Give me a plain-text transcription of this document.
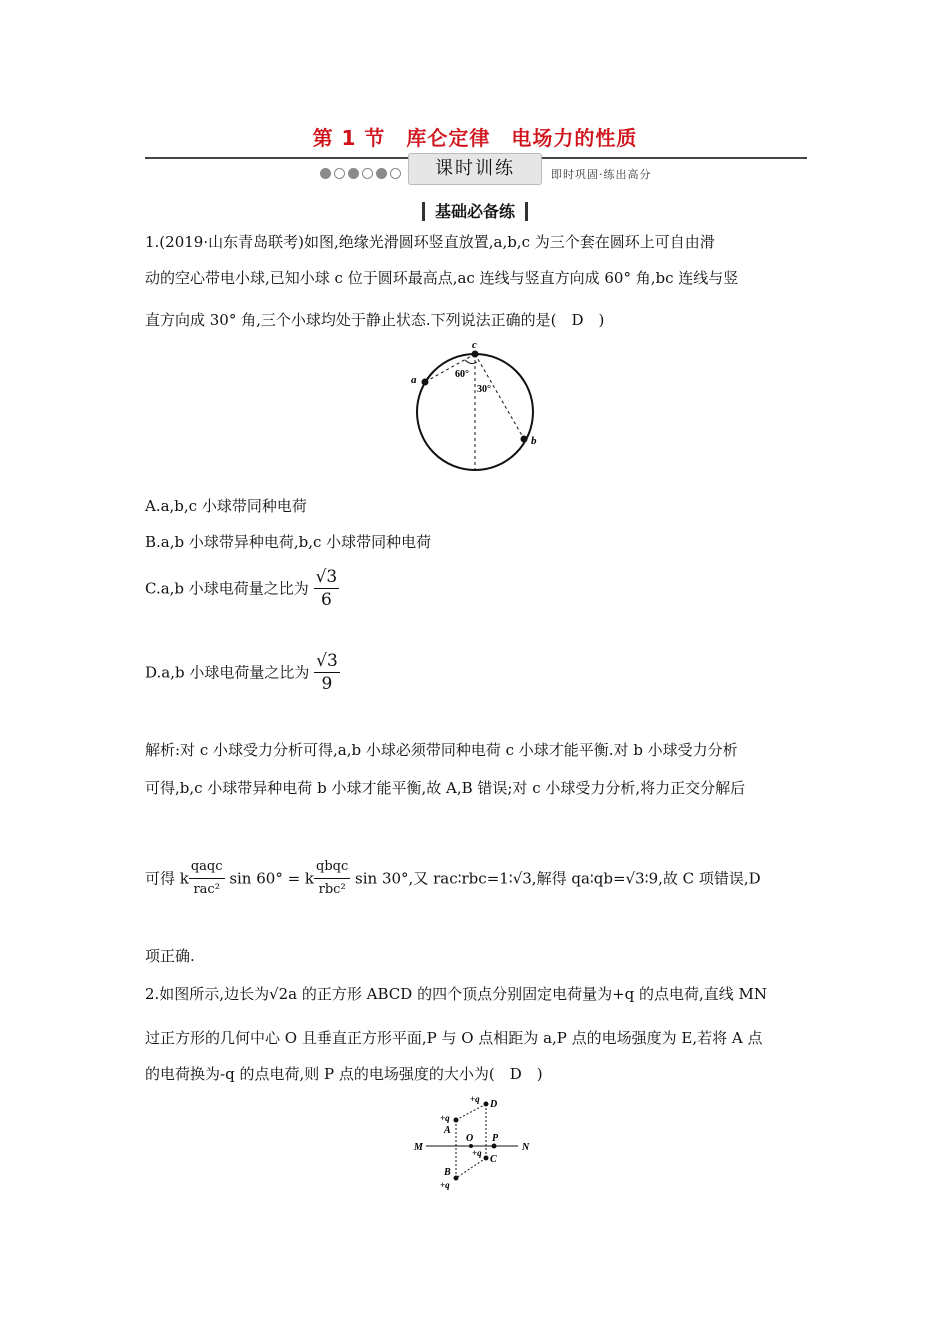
第 1 节　库仑定律　电场力的性质
课时训练	即时巩固·练出高分
基础必备练
1.(2019·山东青岛联考)如图,绝缘光滑圆环竖直放置,a,b,c 为三个套在圆环上可自由滑
动的空心带电小球,已知小球 c 位于圆环最高点,ac 连线与竖直方向成 60° 角,bc 连线与竖
直方向成 30° 角,三个小球均处于静止状态.下列说法正确的是(　D　)
c
a
b
60°
30°
A.a,b,c 小球带同种电荷
B.a,b 小球带异种电荷,b,c 小球带同种电荷
C.a,b 小球电荷量之比为 $\frac{√3}{6}$
D.a,b 小球电荷量之比为 $\frac{√3}{9}$
解析:对 c 小球受力分析可得,a,b 小球必须带同种电荷 c 小球才能平衡.对 b 小球受力分析
可得,b,c 小球带异种电荷 b 小球才能平衡,故 A,B 错误;对 c 小球受力分析,将力正交分解后
可得 k $\frac{\text{qaqc}}{\text{rac²}}$ sin 60° = k $\frac{\text{qbqc}}{\text{rbc²}}$ sin 30°,又 rac∶rbc=1∶√3,解得 qa∶qb=√3∶9,故 C 项错误,D
项正确.
2.如图所示,边长为√2a 的正方形 ABCD 的四个顶点分别固定电荷量为+q 的点电荷,直线 MN
过正方形的几何中心 O 且垂直正方形平面,P 与 O 点相距为 a,P 点的电场强度为 E,若将 A 点
的电荷换为-q 的点电荷,则 P 点的电场强度的大小为(　D　)
M	N
O P
A
D
C
B
+q
+q
+q
+q
